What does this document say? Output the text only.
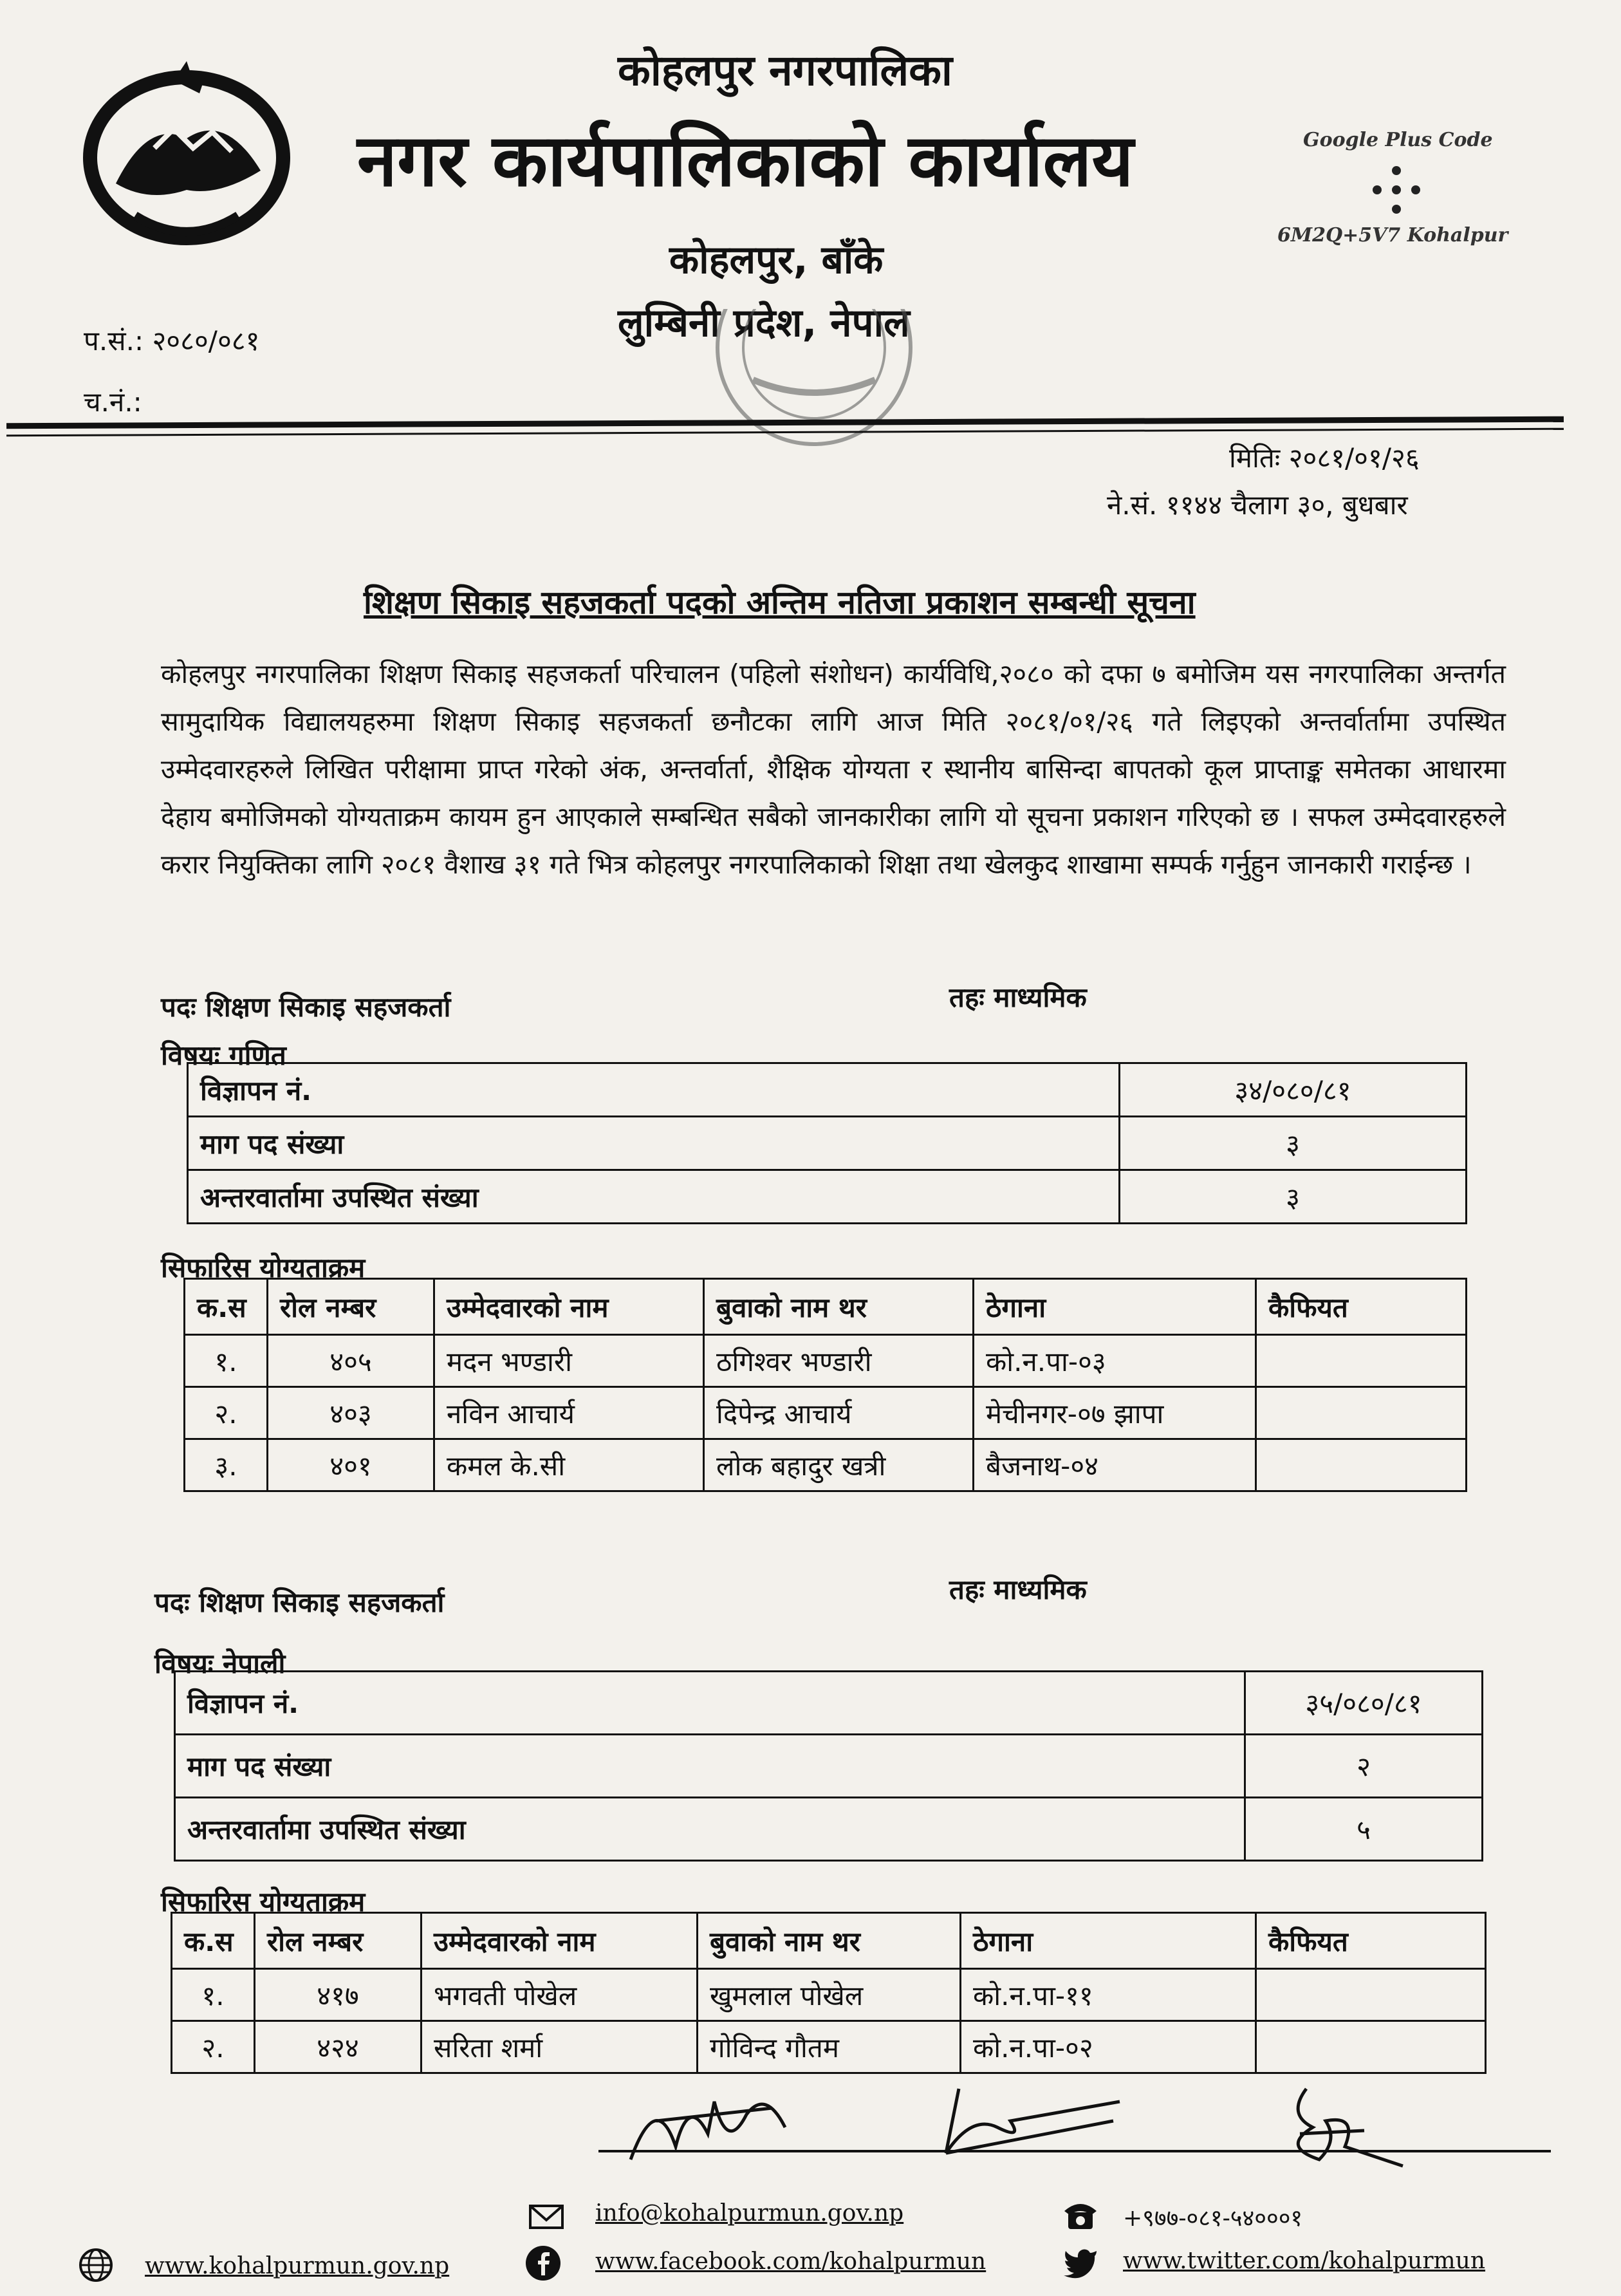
कोहलपुर नगरपालिका
नगर कार्यपालिकाको कार्यालय
कोहलपुर, बाँके
लुम्बिनी प्रदेश, नेपाल
Google Plus Code
6M2Q+5V7 Kohalpur
प.सं.: २०८०/०८१
च.नं.:
मितिः २०८१/०१/२६
ने.सं. ११४४ चैलाग ३०, बुधबार
शिक्षण सिकाइ सहजकर्ता पदको अन्तिम नतिजा प्रकाशन सम्बन्धी सूचना
कोहलपुर नगरपालिका शिक्षण सिकाइ सहजकर्ता परिचालन (पहिलो संशोधन) कार्यविधि,२०८० को दफा ७ बमोजिम यस नगरपालिका अन्तर्गत सामुदायिक विद्यालयहरुमा शिक्षण सिकाइ सहजकर्ता छनौटका लागि आज मिति २०८१/०१/२६ गते लिइएको अन्तर्वार्तामा उपस्थित उम्मेदवारहरुले लिखित परीक्षामा प्राप्त गरेको अंक, अन्तर्वार्ता, शैक्षिक योग्यता र स्थानीय बासिन्दा बापतको कूल प्राप्ताङ्क समेतका आधारमा देहाय बमोजिमको योग्यताक्रम कायम हुन आएकाले सम्बन्धित सबैको जानकारीका लागि यो सूचना प्रकाशन गरिएको छ । सफल उम्मेदवारहरुले करार नियुक्तिका लागि २०८१ वैशाख ३१ गते भित्र कोहलपुर नगरपालिकाको शिक्षा तथा खेलकुद शाखामा सम्पर्क गर्नुहुन जानकारी गराईन्छ ।
पदः शिक्षण सिकाइ सहजकर्ता	तहः माध्यमिक
विषयः गणित
विज्ञापन नं.	३४/०८०/८१
माग पद संख्या	३
अन्तरवार्तामा उपस्थित संख्या	३
सिफारिस योग्यताक्रम
क.स	रोल नम्बर	उम्मेदवारको नाम	बुवाको नाम थर	ठेगाना	कैफियत
१.	४०५	मदन भण्डारी	ठगिश्वर भण्डारी	को.न.पा-०३	
२.	४०३	नविन आचार्य	दिपेन्द्र आचार्य	मेचीनगर-०७ झापा	
३.	४०१	कमल के.सी	लोक बहादुर खत्री	बैजनाथ-०४	
पदः शिक्षण सिकाइ सहजकर्ता	तहः माध्यमिक
विषयः नेपाली
विज्ञापन नं.	३५/०८०/८१
माग पद संख्या	२
अन्तरवार्तामा उपस्थित संख्या	५
सिफारिस योग्यताक्रम
क.स	रोल नम्बर	उम्मेदवारको नाम	बुवाको नाम थर	ठेगाना	कैफियत
१.	४१७	भगवती पोखेल	खुमलाल पोखेल	को.न.पा-११	
२.	४२४	सरिता शर्मा	गोविन्द गौतम	को.न.पा-०२	
info@kohalpurmun.gov.np	+९७७-०८१-५४०००१
www.kohalpurmun.gov.np	www.facebook.com/kohalpurmun	www.twitter.com/kohalpurmun
